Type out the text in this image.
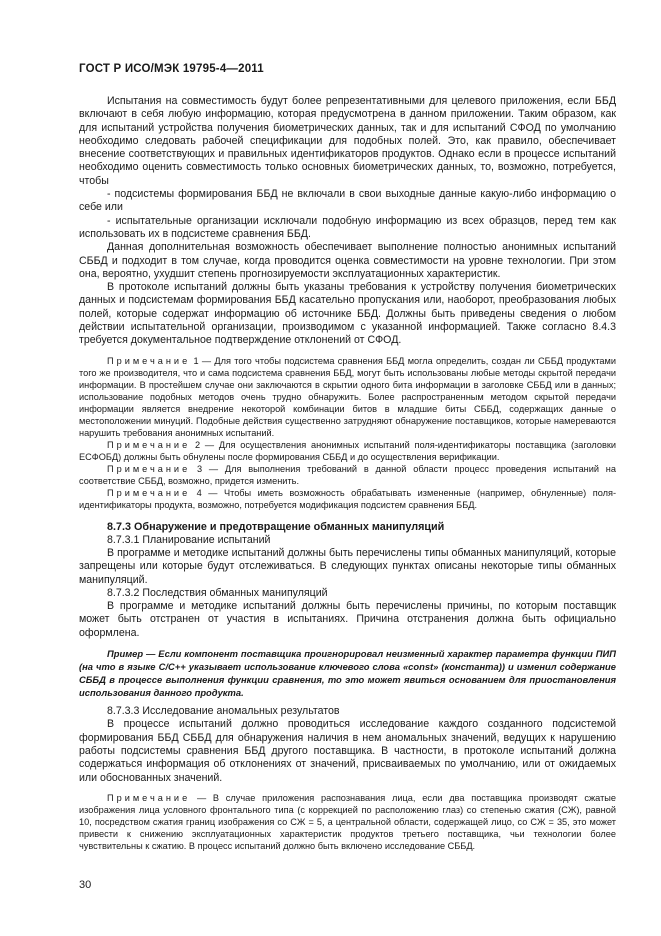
ГОСТ Р ИСО/МЭК 19795-4—2011

Испытания на совместимость будут более репрезентативными для целевого приложения, если ББД включают в себя любую информацию, которая предусмотрена в данном приложении. Таким образом, как для испытаний устройства получения биометрических данных, так и для испытаний СФОД по умолчанию необходимо следовать рабочей спецификации для подобных полей. Это, как правило, обеспечивает внесение соответствующих и правильных идентификаторов продуктов. Однако если в процессе испытаний необходимо оценить совместимость только основных биометрических данных, то, возможно, потребуется, чтобы

- подсистемы формирования ББД не включали в свои выходные данные какую-либо информацию о себе или

- испытательные организации исключали подобную информацию из всех образцов, перед тем как использовать их в подсистеме сравнения ББД.

Данная дополнительная возможность обеспечивает выполнение полностью анонимных испытаний СББД и подходит в том случае, когда проводится оценка совместимости на уровне технологии. При этом она, вероятно, ухудшит степень прогнозируемости эксплуатационных характеристик.

В протоколе испытаний должны быть указаны требования к устройству получения биометрических данных и подсистемам формирования ББД касательно пропускания или, наоборот, преобразования любых полей, которые содержат информацию об источнике ББД. Должны быть приведены сведения о любом действии испытательной организации, производимом с указанной информацией. Также согласно 8.4.3 требуется документальное подтверждение отклонений от СФОД.

Примечание 1 — Для того чтобы подсистема сравнения ББД могла определить, создан ли СББД продуктами того же производителя, что и сама подсистема сравнения ББД, могут быть использованы любые методы скрытой передачи информации. В простейшем случае они заключаются в скрытии одного бита информации в заголовке СББД или в данных; использование подобных методов очень трудно обнаружить. Более распространенным методом скрытой передачи информации является внедрение некоторой комбинации битов в младшие биты СББД, содержащих данные о местоположении минуций. Подобные действия существенно затрудняют обнаружение поставщиков, которые намереваются нарушить требования анонимных испытаний.

Примечание 2 — Для осуществления анонимных испытаний поля-идентификаторы поставщика (заголовки ЕСФОБД) должны быть обнулены после формирования СББД и до осуществления верификации.

Примечание 3 — Для выполнения требований в данной области процесс проведения испытаний на соответствие СББД, возможно, придется изменить.

Примечание 4 — Чтобы иметь возможность обрабатывать измененные (например, обнуленные) поля-идентификаторы продукта, возможно, потребуется модификация подсистем сравнения ББД.

8.7.3 Обнаружение и предотвращение обманных манипуляций

8.7.3.1 Планирование испытаний

В программе и методике испытаний должны быть перечислены типы обманных манипуляций, которые запрещены или которые будут отслеживаться. В следующих пунктах описаны некоторые типы обманных манипуляций.

8.7.3.2 Последствия обманных манипуляций

В программе и методике испытаний должны быть перечислены причины, по которым поставщик может быть отстранен от участия в испытаниях. Причина отстранения должна быть официально оформлена.

Пример — Если компонент поставщика проигнорировал неизменный характер параметра функции ПИП (на что в языке С/С++ указывает использование ключевого слова «const» (константа)) и изменил содержание СББД в процессе выполнения функции сравнения, то это может явиться основанием для приостановления использования данного продукта.

8.7.3.3 Исследование аномальных результатов

В процессе испытаний должно проводиться исследование каждого созданного подсистемой формирования ББД СББД для обнаружения наличия в нем аномальных значений, ведущих к нарушению работы подсистемы сравнения ББД другого поставщика. В частности, в протоколе испытаний должна содержаться информация об отклонениях от значений, присваиваемых по умолчанию, или от ожидаемых или обоснованных значений.

Примечание — В случае приложения распознавания лица, если два поставщика производят сжатые изображения лица условного фронтального типа (с коррекцией по расположению глаз) со степенью сжатия (СЖ), равной 10, посредством сжатия границ изображения со СЖ = 5, а центральной области, содержащей лицо, со СЖ = 35, это может привести к снижению эксплуатационных характеристик продуктов третьего поставщика, чьи технологии более чувствительны к сжатию. В процесс испытаний должно быть включено исследование СББД.

30
